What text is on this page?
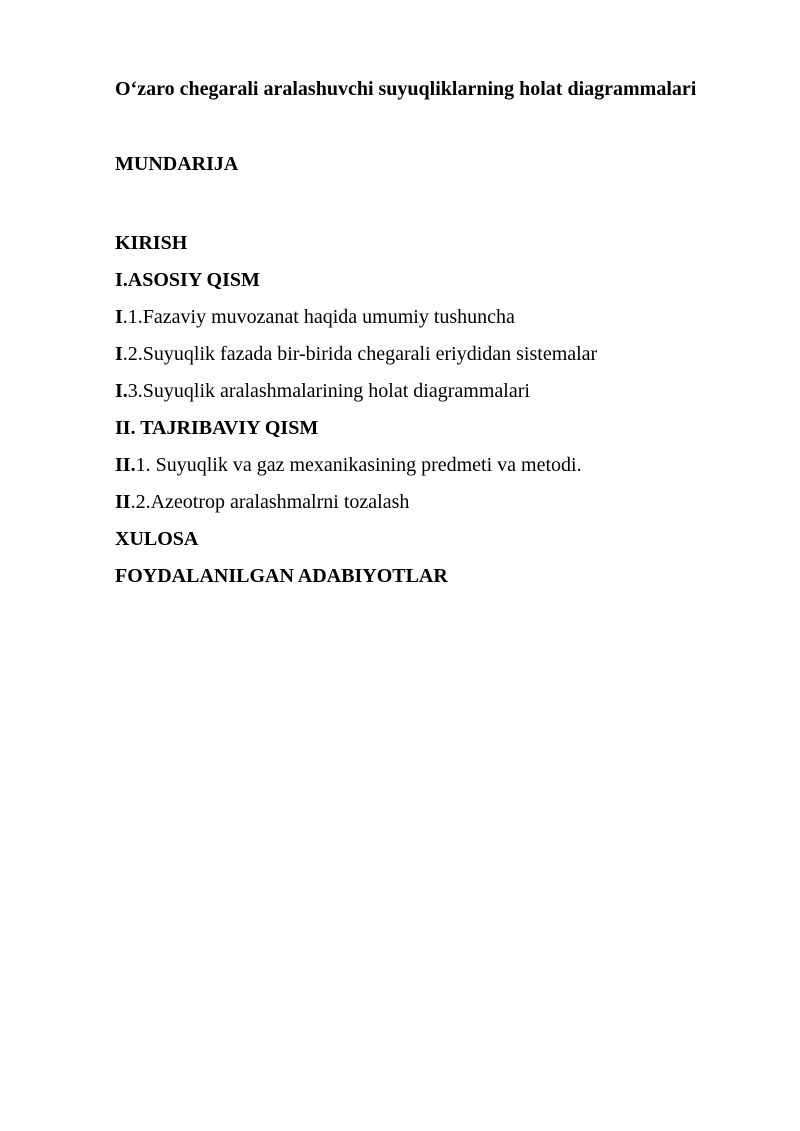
O‘zaro chegarali aralashuvchi suyuqliklarning holat diagrammalari
MUNDARIJA
KIRISH
I.ASOSIY QISM
I.1.Fazaviy muvozanat haqida umumiy tushuncha
I.2.Suyuqlik fazada bir-birida chegarali eriydidan sistemalar
I.3.Suyuqlik aralashmalarining holat diagrammalari
II. TAJRIBAVIY QISM
II.1. Suyuqlik va gaz mexanikasining predmeti va metodi.
II.2.Azeotrop aralashmalrni tozalash
XULOSA
FOYDALANILGAN ADABIYOTLAR
